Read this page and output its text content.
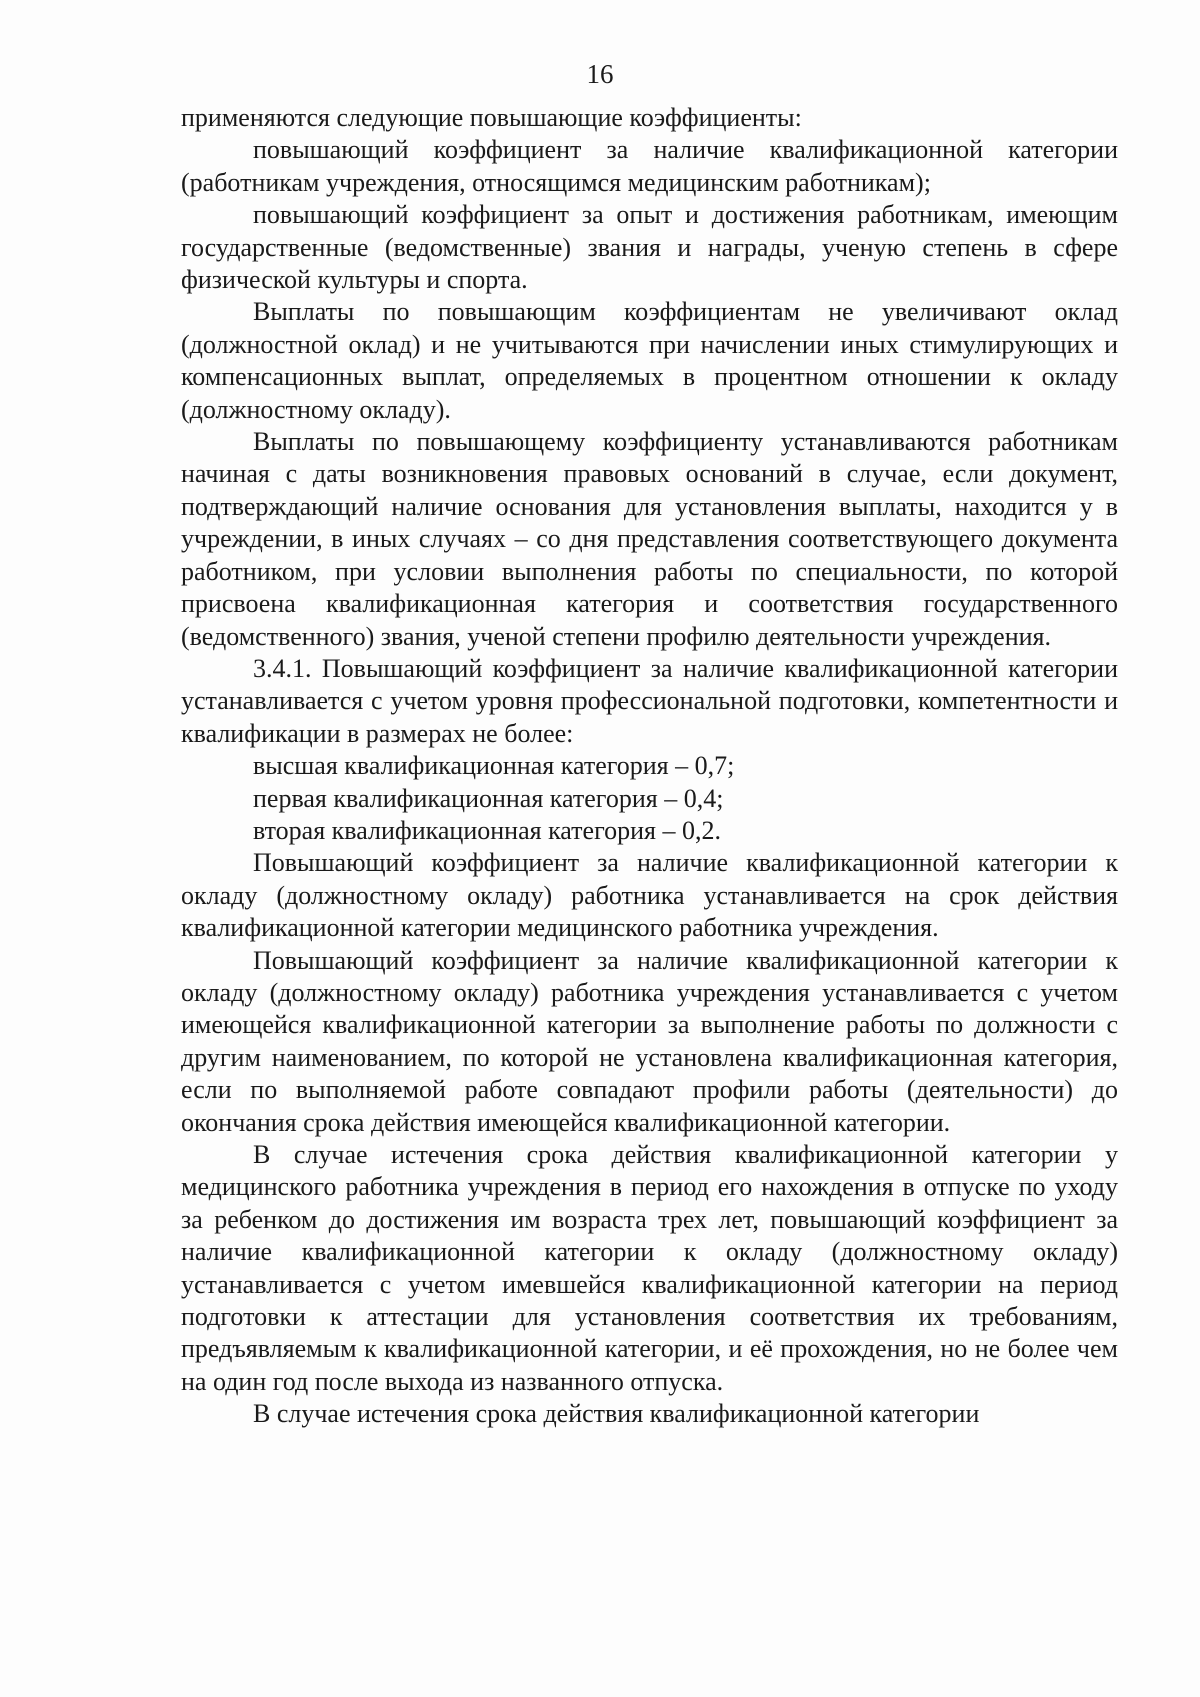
16

применяются следующие повышающие коэффициенты:

повышающий коэффициент за наличие квалификационной категории (работникам учреждения, относящимся медицинским работникам);

повышающий коэффициент за опыт и достижения работникам, имеющим государственные (ведомственные) звания и награды, ученую степень в сфере физической культуры и спорта.

Выплаты по повышающим коэффициентам не увеличивают оклад (должностной оклад) и не учитываются при начислении иных стимулирующих и компенсационных выплат, определяемых в процентном отношении к окладу (должностному окладу).

Выплаты по повышающему коэффициенту устанавливаются работникам начиная с даты возникновения правовых оснований в случае, если документ, подтверждающий наличие основания для установления выплаты, находится у в учреждении, в иных случаях – со дня представления соответствующего документа работником, при условии выполнения работы по специальности, по которой присвоена квалификационная категория и соответствия государственного (ведомственного) звания, ученой степени профилю деятельности учреждения.

3.4.1. Повышающий коэффициент за наличие квалификационной категории устанавливается с учетом уровня профессиональной подготовки, компетентности и квалификации в размерах не более:

высшая квалификационная категория – 0,7;

первая квалификационная категория – 0,4;

вторая квалификационная категория – 0,2.

Повышающий коэффициент за наличие квалификационной категории к окладу (должностному окладу) работника устанавливается на срок действия квалификационной категории медицинского работника учреждения.

Повышающий коэффициент за наличие квалификационной категории к окладу (должностному окладу) работника учреждения устанавливается с учетом имеющейся квалификационной категории за выполнение работы по должности с другим наименованием, по которой не установлена квалификационная категория, если по выполняемой работе совпадают профили работы (деятельности) до окончания срока действия имеющейся квалификационной категории.

В случае истечения срока действия квалификационной категории у медицинского работника учреждения в период его нахождения в отпуске по уходу за ребенком до достижения им возраста трех лет, повышающий коэффициент за наличие квалификационной категории к окладу (должностному окладу) устанавливается с учетом имевшейся квалификационной категории на период подготовки к аттестации для установления соответствия их требованиям, предъявляемым к квалификационной категории, и её прохождения, но не более чем на один год после выхода из названного отпуска.

В случае истечения срока действия квалификационной категории
